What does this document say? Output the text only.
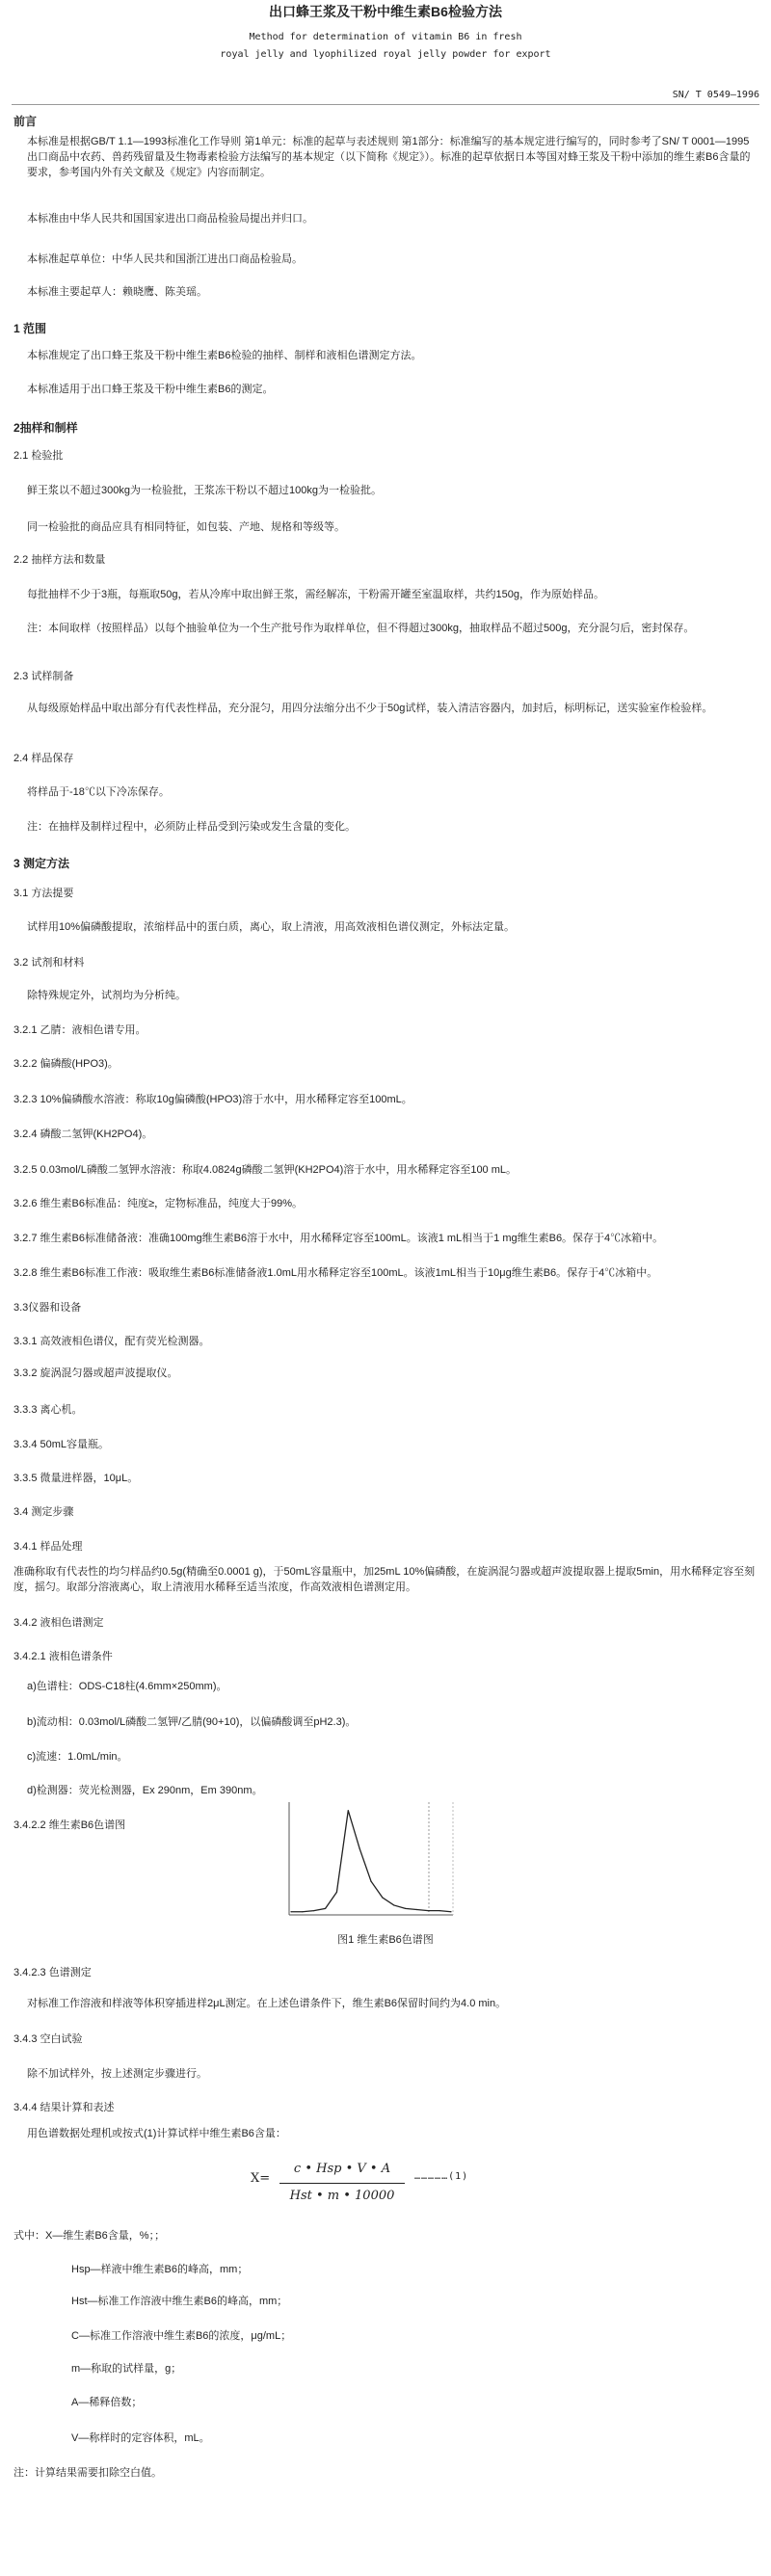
出口蜂王浆及干粉中维生素B6检验方法
Method for determination of vitamin B6 in fresh
royal jelly and lyophilized royal jelly powder for export
SN/ T 0549—1996
前言
本标准是根据GB/T 1.1—1993标准化工作导则 第1单元：标准的起草与表述规则 第1部分：标准编写的基本规定进行编写的，同时参考了SN/ T 0001—1995出口商品中农药、兽药残留量及生物毒素检验方法编写的基本规定（以下简称《规定》）。标准的起草依据日本等国对蜂王浆及干粉中添加的维生素B6含量的要求，参考国内外有关文献及《规定》内容而制定。
本标准由中华人民共和国国家进出口商品检验局提出并归口。
本标准起草单位：中华人民共和国浙江进出口商品检验局。
本标准主要起草人：赖晓鹰、陈美瑶。
1 范围
本标准规定了出口蜂王浆及干粉中维生素B6检验的抽样、制样和液相色谱测定方法。
本标准适用于出口蜂王浆及干粉中维生素B6的测定。
2抽样和制样
2.1 检验批
鲜王浆以不超过300kg为一检验批，王浆冻干粉以不超过100kg为一检验批。
同一检验批的商品应具有相同特征，如包装、产地、规格和等级等。
2.2 抽样方法和数量
每批抽样不少于3瓶，每瓶取50g，若从冷库中取出鲜王浆，需经解冻，干粉需开罐至室温取样，共约150g，作为原始样品。
注：本间取样（按照样品）以每个抽验单位为一个生产批号作为取样单位，但不得超过300kg，抽取样品不超过500g，充分混匀后，密封保存。
2.3 试样制备
从每级原始样品中取出部分有代表性样品，充分混匀，用四分法缩分出不少于50g试样，装入清洁容器内，加封后，标明标记，送实验室作检验样。
2.4 样品保存
将样品于-18℃以下冷冻保存。
注：在抽样及制样过程中，必须防止样品受到污染或发生含量的变化。
3 测定方法
3.1 方法提要
试样用10%偏磷酸提取，浓缩样品中的蛋白质，离心，取上清液，用高效液相色谱仪测定，外标法定量。
3.2 试剂和材料
除特殊规定外，试剂均为分析纯。
3.2.1 乙腈：液相色谱专用。
3.2.2 偏磷酸(HPO3)。
3.2.3 10%偏磷酸水溶液：称取10g偏磷酸(HPO3)溶于水中，用水稀释定容至100mL。
3.2.4 磷酸二氢钾(KH2PO4)。
3.2.5 0.03mol/L磷酸二氢钾水溶液：称取4.0824g磷酸二氢钾(KH2PO4)溶于水中，用水稀释定容至100 mL。
3.2.6 维生素B6标准品：纯度≥，定物标准品，纯度大于99%。
3.2.7 维生素B6标准储备液：准确100mg维生素B6溶于水中，用水稀释定容至100mL。该液1 mL相当于1 mg维生素B6。保存于4℃冰箱中。
3.2.8 维生素B6标准工作液：吸取维生素B6标准储备液1.0mL用水稀释定容至100mL。该液1mL相当于10μg维生素B6。保存于4℃冰箱中。
3.3仪器和设备
3.3.1 高效液相色谱仪，配有荧光检测器。
3.3.2 旋涡混匀器或超声波提取仪。
3.3.3 离心机。
3.3.4 50mL容量瓶。
3.3.5 微量进样器，10μL。
3.4 测定步骤
3.4.1 样品处理
准确称取有代表性的均匀样品约0.5g(精确至0.0001 g)，于50mL容量瓶中，加25mL 10%偏磷酸，在旋涡混匀器或超声波提取器上提取5min，用水稀释定容至刻度，摇匀。取部分溶液离心，取上清液用水稀释至适当浓度，作高效液相色谱测定用。
3.4.2 液相色谱测定
3.4.2.1 液相色谱条件
a)色谱柱：ODS-C18柱(4.6mm×250mm)。
b)流动相：0.03mol/L磷酸二氢钾/乙腈(90+10)，以偏磷酸调至pH2.3)。
c)流速：1.0mL/min。
d)检测器：荧光检测器，Ex 290nm，Em 390nm。
3.4.2.2 维生素B6色谱图
图1 维生素B6色谱图
3.4.2.3 色谱测定
对标准工作溶液和样液等体积穿插进样2μL测定。在上述色谱条件下，维生素B6保留时间约为4.0 min。
3.4.3 空白试验
除不加试样外，按上述测定步骤进行。
3.4.4 结果计算和表述
用色谱数据处理机或按式(1)计算试样中维生素B6含量：
X=
c • Hsp • V • A
Hst • m • 10000
……………(1)
式中：X—维生素B6含量，%；；
Hsp—样液中维生素B6的峰高，mm；
Hst—标准工作溶液中维生素B6的峰高，mm；
C—标准工作溶液中维生素B6的浓度，μg/mL；
m—称取的试样量，g；
A—稀释倍数；
V—称样时的定容体积，mL。
注：计算结果需要扣除空白值。
